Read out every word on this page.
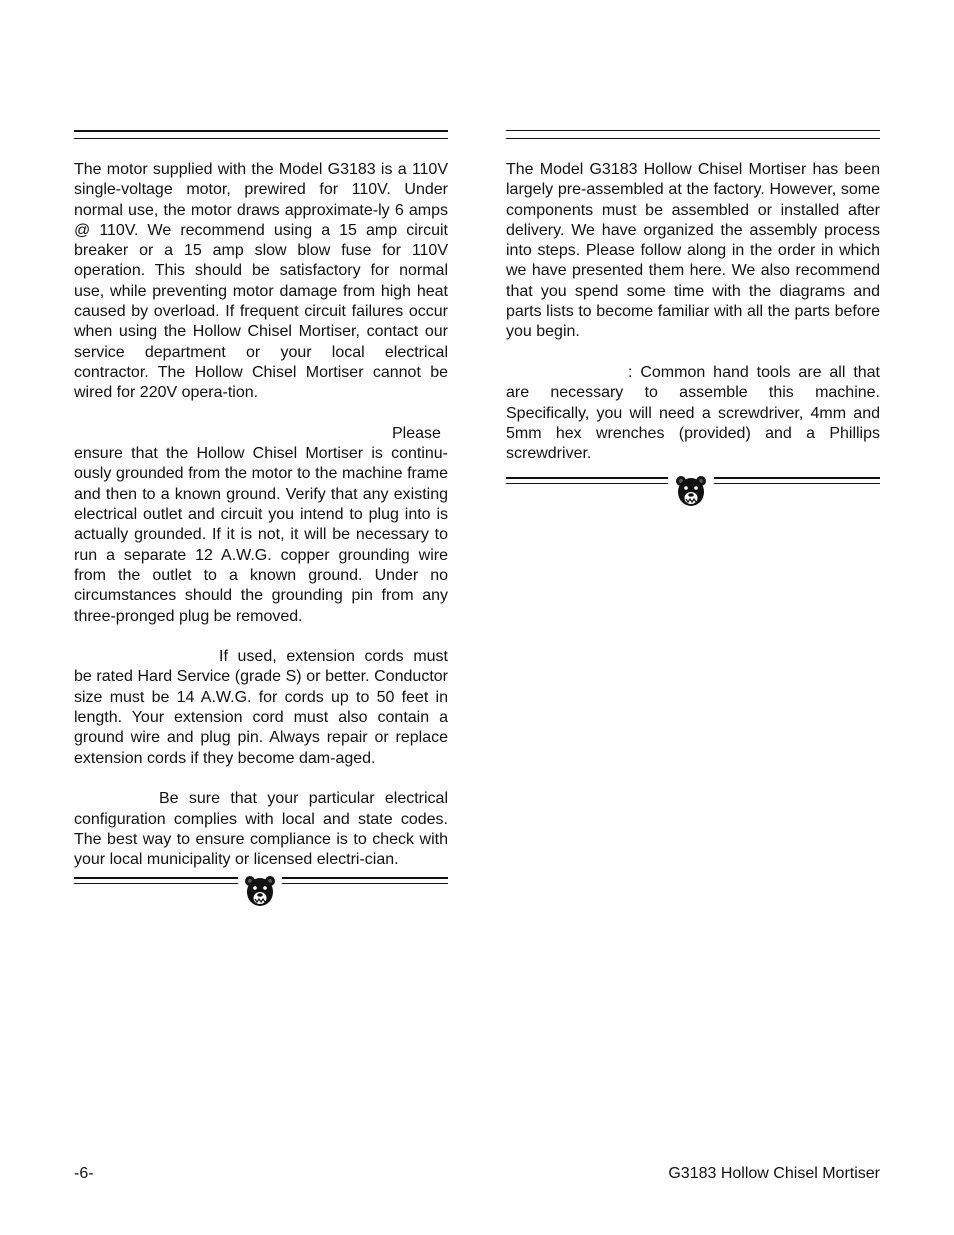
The motor supplied with the Model G3183 is a 110V single-voltage motor, prewired for 110V. Under normal use, the motor draws approximate-ly 6 amps @ 110V. We recommend using a 15 amp circuit breaker or a 15 amp slow blow fuse for 110V operation. This should be satisfactory for normal use, while preventing motor damage from high heat caused by overload. If frequent circuit failures occur when using the Hollow Chisel Mortiser, contact our service department or your local electrical contractor. The Hollow Chisel Mortiser cannot be wired for 220V opera-tion.

Please ensure that the Hollow Chisel Mortiser is continu-ously grounded from the motor to the machine frame and then to a known ground. Verify that any existing electrical outlet and circuit you intend to plug into is actually grounded. If it is not, it will be necessary to run a separate 12 A.W.G. copper grounding wire from the outlet to a known ground. Under no circumstances should the grounding pin from any three-pronged plug be removed.

If used, extension cords must be rated Hard Service (grade S) or better. Conductor size must be 14 A.W.G. for cords up to 50 feet in length. Your extension cord must also contain a ground wire and plug pin. Always repair or replace extension cords if they become dam-aged.

Be sure that your particular electrical configuration complies with local and state codes. The best way to ensure compliance is to check with your local municipality or licensed electri-cian.

The Model G3183 Hollow Chisel Mortiser has been largely pre-assembled at the factory. However, some components must be assembled or installed after delivery. We have organized the assembly process into steps. Please follow along in the order in which we have presented them here. We also recommend that you spend some time with the diagrams and parts lists to become familiar with all the parts before you begin.

: Common hand tools are all that are necessary to assemble this machine. Specifically, you will need a screwdriver, 4mm and 5mm hex wrenches (provided) and a Phillips screwdriver.

-6-	G3183 Hollow Chisel Mortiser
